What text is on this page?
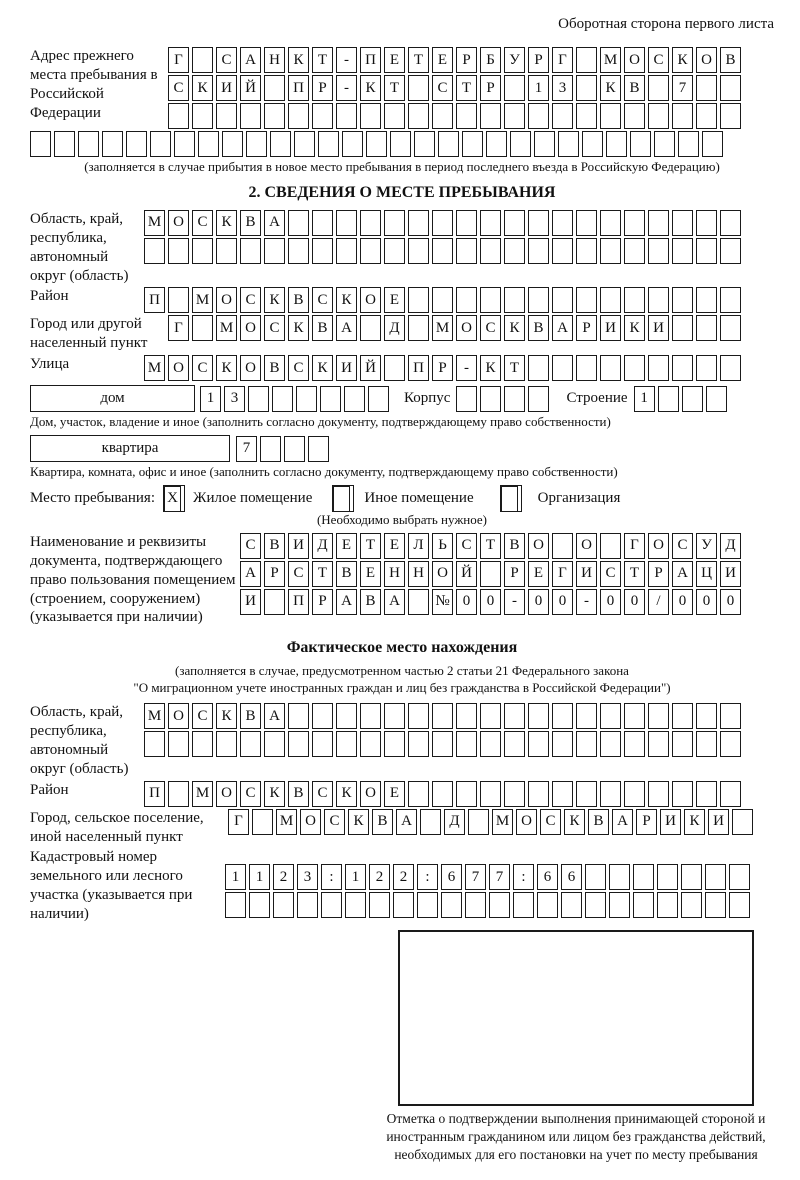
Оборотная сторона первого листа
Адрес прежнего места пребывания в Российской Федерации
Г	С А Н К Т	-	П Е Т Е	Р	Б У Р	Г	М О С К О В
С К И Й	П Р	-	К Т	С Т	Р	1	3	К В	7
(заполняется в случае прибытия в новое место пребывания в период последнего въезда в Российскую Федерацию)
2. СВЕДЕНИЯ О МЕСТЕ ПРЕБЫВАНИЯ
Область, край, республика, автономный округ (область)
М О С К В А
Район	П	М О С К В С К О Е
Город или другой населенный пункт
Г	М О С К В А	Д	М О С К В А Р И К И
Улица	М О С К О В С К И Й	П Р	-	К Т
дом	1	3	Корпус	Строение 1
Дом, участок, владение и иное (заполнить согласно документу, подтверждающему право собственности)
квартира	7
Квартира, комната, офис и иное (заполнить согласно документу, подтверждающему право собственности)
Место пребывания: X Жилое помещение	Иное помещение	Организация
(Необходимо выбрать нужное)
Наименование и реквизиты документа, подтверждающего право пользования помещением (строением, сооружением) (указывается при наличии)
С В И Д Е Т Е Л Ь С Т В О	О	Г О С У Д
А Р С Т В Е Н Н О Й	Р	Е	Г И С Т	Р А Ц И
И	П Р А В А	№ 0	0	-	0	0	-	0	0	/	0	0	0
Фактическое место нахождения
(заполняется в случае, предусмотренном частью 2 статьи 21 Федерального закона
"О миграционном учете иностранных граждан и лиц без гражданства в Российской Федерации")
Область, край, республика, автономный округ (область)
М О С К В А
Район	П	М О С К В С К О Е
Город, сельское поселение, иной населенный пункт
Г	М О С К В А	Д	М О С К В А Р И К И
Кадастровый номер земельного или лесного участка (указывается при наличии)
1	1	2	3	:	1	2	2	:	6	7	7	:	6	6
Отметка о подтверждении выполнения принимающей стороной и иностранным гражданином или лицом без гражданства действий, необходимых для его постановки на учет по месту пребывания
